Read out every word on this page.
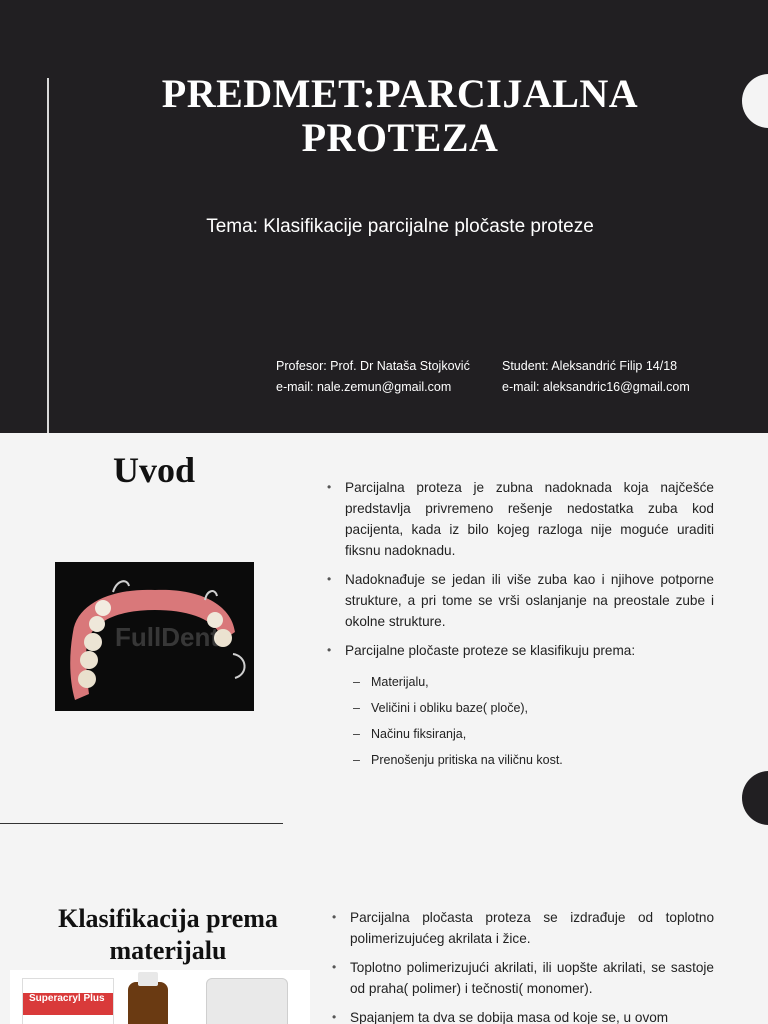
PREDMET:PARCIJALNA PROTEZA
Tema: Klasifikacije parcijalne pločaste proteze
Profesor: Prof. Dr Nataša Stojković
e-mail: nale.zemun@gmail.com
Student: Aleksandrić Filip 14/18
e-mail: aleksandric16@gmail.com
Uvod
FullDent

• Parcijalna proteza je zubna nadoknada koja najčešće predstavlja privremeno rešenje nedostatka zuba kod pacijenta, kada iz bilo kojeg razloga nije moguće uraditi fiksnu nadoknadu.

• Nadoknađuje se jedan ili više zuba kao i njihove potporne strukture, a pri tome se vrši oslanjanje na preostale zube i okolne strukture.

• Parcijalne pločaste proteze se klasifikuju prema:

– Materijalu,

– Veličini i obliku baze( ploče),

– Načinu fiksiranja,

– Prenošenju pritiska na viličnu kost.

Klasifikacija prema materijalu

• Parcijalna pločasta proteza se izdrađuje od toplotno polimerizujućeg akrilata i žice.

• Toplotno polimerizujući akrilati, ili uopšte akrilati, se sastoje od praha( polimer) i tečnosti( monomer).

• Spajanjem ta dva se dobija masa od koje se, u ovom

Superacryl Plus
